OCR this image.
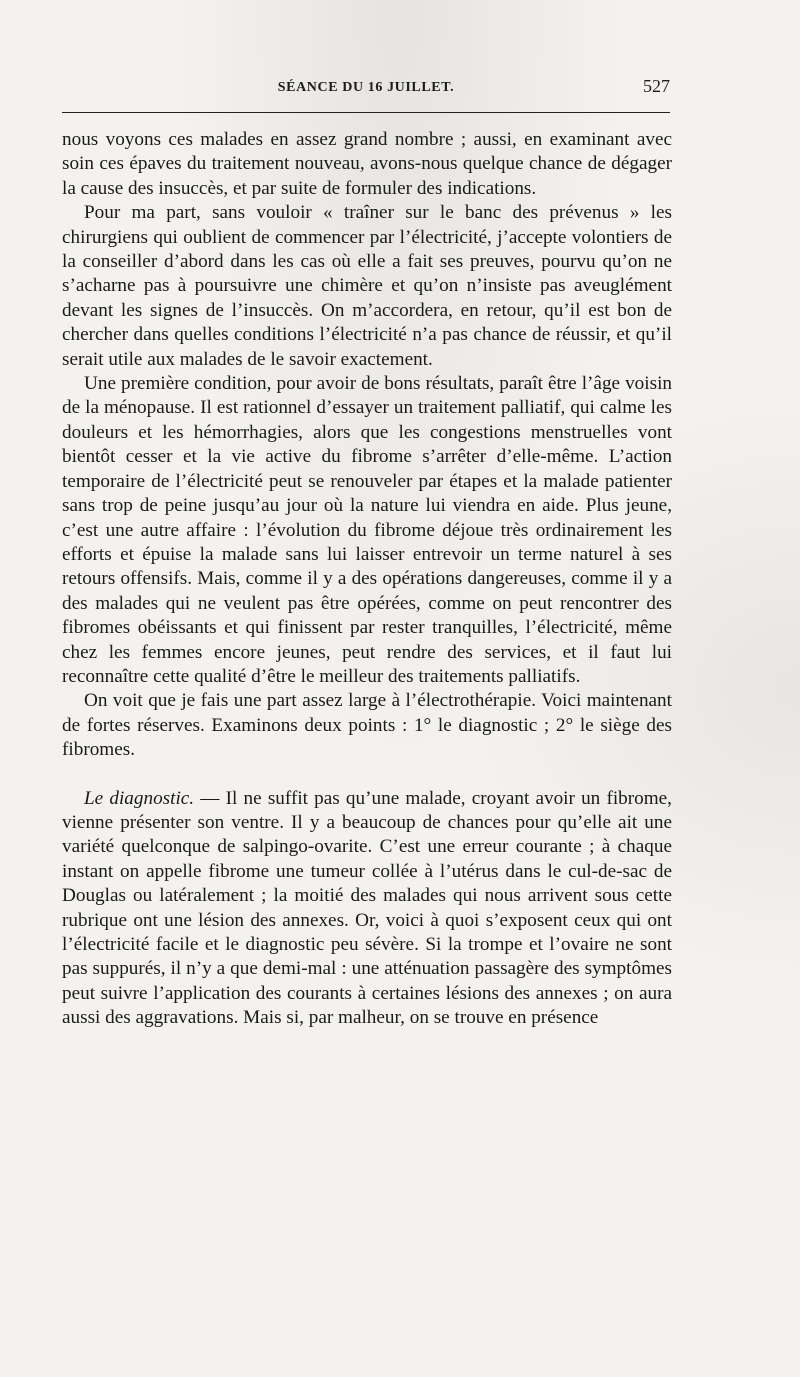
SÉANCE DU 16 JUILLET.	527

nous voyons ces malades en assez grand nombre ; aussi, en examinant avec soin ces épaves du traitement nouveau, avons-nous quelque chance de dégager la cause des insuccès, et par suite de formuler des indications.

Pour ma part, sans vouloir « traîner sur le banc des prévenus » les chirurgiens qui oublient de commencer par l’électricité, j’accepte volontiers de la conseiller d’abord dans les cas où elle a fait ses preuves, pourvu qu’on ne s’acharne pas à poursuivre une chimère et qu’on n’insiste pas aveuglément devant les signes de l’insuccès. On m’accordera, en retour, qu’il est bon de chercher dans quelles conditions l’électricité n’a pas chance de réussir, et qu’il serait utile aux malades de le savoir exactement.

Une première condition, pour avoir de bons résultats, paraît être l’âge voisin de la ménopause. Il est rationnel d’essayer un traitement palliatif, qui calme les douleurs et les hémorrhagies, alors que les congestions menstruelles vont bientôt cesser et la vie active du fibrome s’arrêter d’elle-même. L’action temporaire de l’électricité peut se renouveler par étapes et la malade patienter sans trop de peine jusqu’au jour où la nature lui viendra en aide. Plus jeune, c’est une autre affaire : l’évolution du fibrome déjoue très ordinairement les efforts et épuise la malade sans lui laisser entrevoir un terme naturel à ses retours offensifs. Mais, comme il y a des opérations dangereuses, comme il y a des malades qui ne veulent pas être opérées, comme on peut rencontrer des fibromes obéissants et qui finissent par rester tranquilles, l’électricité, même chez les femmes encore jeunes, peut rendre des services, et il faut lui reconnaître cette qualité d’être le meilleur des traitements palliatifs.

On voit que je fais une part assez large à l’électrothérapie. Voici maintenant de fortes réserves. Examinons deux points : 1° le diagnostic ; 2° le siège des fibromes.

Le diagnostic. — Il ne suffit pas qu’une malade, croyant avoir un fibrome, vienne présenter son ventre. Il y a beaucoup de chances pour qu’elle ait une variété quelconque de salpingo-ovarite. C’est une erreur courante ; à chaque instant on appelle fibrome une tumeur collée à l’utérus dans le cul-de-sac de Douglas ou latéralement ; la moitié des malades qui nous arrivent sous cette rubrique ont une lésion des annexes. Or, voici à quoi s’exposent ceux qui ont l’électricité facile et le diagnostic peu sévère. Si la trompe et l’ovaire ne sont pas suppurés, il n’y a que demi-mal : une atténuation passagère des symptômes peut suivre l’application des courants à certaines lésions des annexes ; on aura aussi des aggravations. Mais si, par malheur, on se trouve en présence
